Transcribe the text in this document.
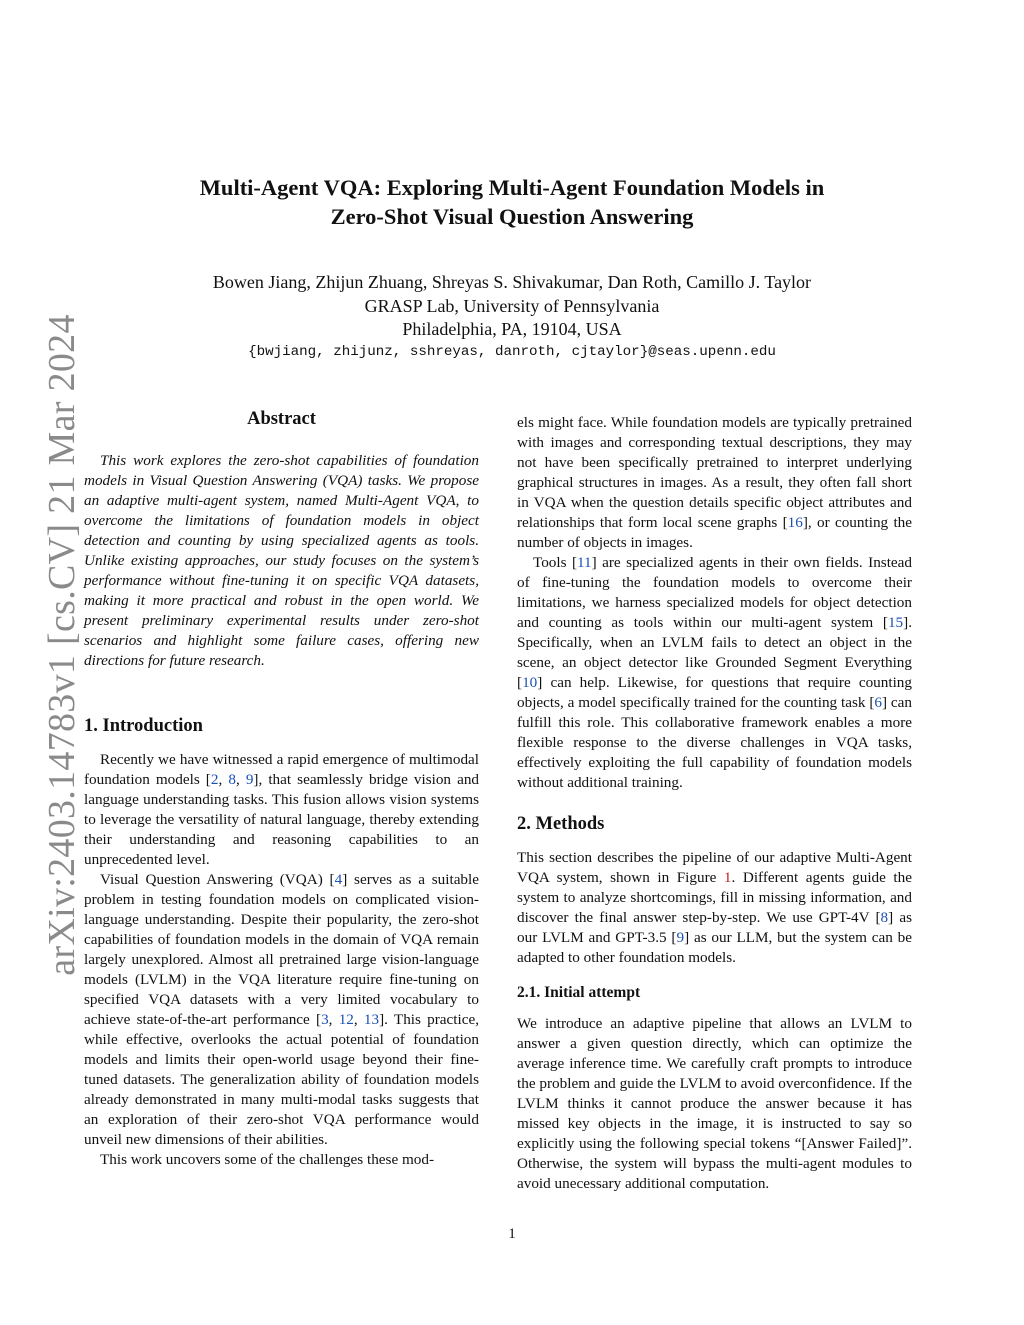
arXiv:2403.14783v1 [cs.CV] 21 Mar 2024
Multi-Agent VQA: Exploring Multi-Agent Foundation Models in
Zero-Shot Visual Question Answering
Bowen Jiang, Zhijun Zhuang, Shreyas S. Shivakumar, Dan Roth, Camillo J. Taylor
GRASP Lab, University of Pennsylvania
Philadelphia, PA, 19104, USA
{bwjiang, zhijunz, sshreyas, danroth, cjtaylor}@seas.upenn.edu
Abstract

This work explores the zero-shot capabilities of foundation models in Visual Question Answering (VQA) tasks. We propose an adaptive multi-agent system, named Multi-Agent VQA, to overcome the limitations of foundation models in object detection and counting by using specialized agents as tools. Unlike existing approaches, our study focuses on the system’s performance without fine-tuning it on specific VQA datasets, making it more practical and robust in the open world. We present preliminary experimental results under zero-shot scenarios and highlight some failure cases, offering new directions for future research.

1. Introduction

Recently we have witnessed a rapid emergence of multimodal foundation models [2, 8, 9], that seamlessly bridge vision and language understanding tasks. This fusion allows vision systems to leverage the versatility of natural language, thereby extending their understanding and reasoning capabilities to an unprecedented level.

Visual Question Answering (VQA) [4] serves as a suitable problem in testing foundation models on complicated vision-language understanding. Despite their popularity, the zero-shot capabilities of foundation models in the domain of VQA remain largely unexplored. Almost all pretrained large vision-language models (LVLM) in the VQA literature require fine-tuning on specified VQA datasets with a very limited vocabulary to achieve state-of-the-art performance [3, 12, 13]. This practice, while effective, overlooks the actual potential of foundation models and limits their open-world usage beyond their fine-tuned datasets. The generalization ability of foundation models already demonstrated in many multi-modal tasks suggests that an exploration of their zero-shot VQA performance would unveil new dimensions of their abilities.

This work uncovers some of the challenges these mod-

els might face. While foundation models are typically pretrained with images and corresponding textual descriptions, they may not have been specifically pretrained to interpret underlying graphical structures in images. As a result, they often fall short in VQA when the question details specific object attributes and relationships that form local scene graphs [16], or counting the number of objects in images.

Tools [11] are specialized agents in their own fields. Instead of fine-tuning the foundation models to overcome their limitations, we harness specialized models for object detection and counting as tools within our multi-agent system [15]. Specifically, when an LVLM fails to detect an object in the scene, an object detector like Grounded Segment Everything [10] can help. Likewise, for questions that require counting objects, a model specifically trained for the counting task [6] can fulfill this role. This collaborative framework enables a more flexible response to the diverse challenges in VQA tasks, effectively exploiting the full capability of foundation models without additional training.

2. Methods

This section describes the pipeline of our adaptive Multi-Agent VQA system, shown in Figure 1. Different agents guide the system to analyze shortcomings, fill in missing information, and discover the final answer step-by-step. We use GPT-4V [8] as our LVLM and GPT-3.5 [9] as our LLM, but the system can be adapted to other foundation models.

2.1. Initial attempt

We introduce an adaptive pipeline that allows an LVLM to answer a given question directly, which can optimize the average inference time. We carefully craft prompts to introduce the problem and guide the LVLM to avoid overconfidence. If the LVLM thinks it cannot produce the answer because it has missed key objects in the image, it is instructed to say so explicitly using the following special tokens “[Answer Failed]”. Otherwise, the system will bypass the multi-agent modules to avoid unecessary additional computation.

1
